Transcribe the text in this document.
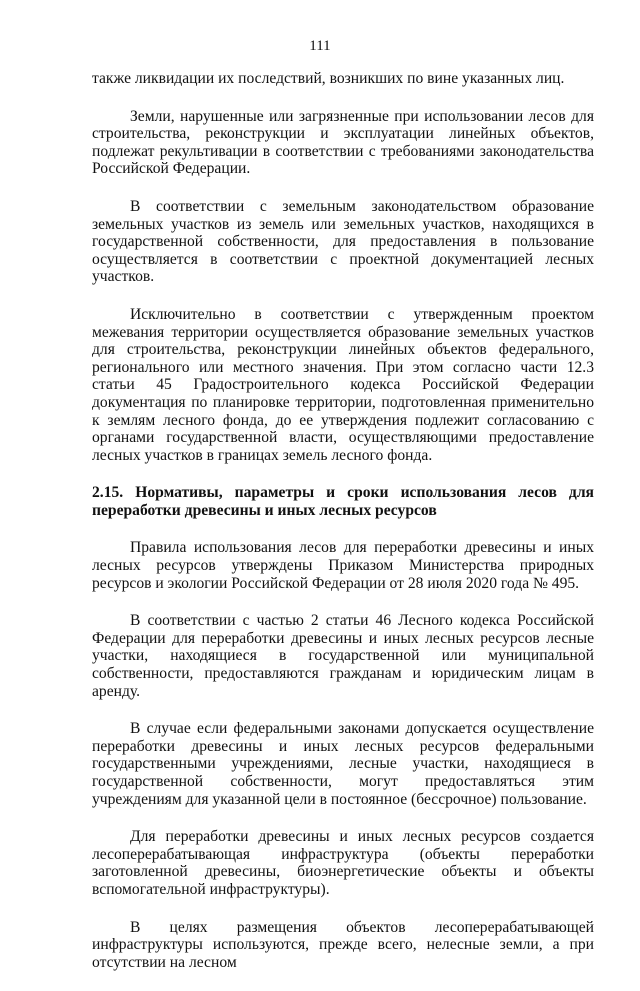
111

также ликвидации их последствий, возникших по вине указанных лиц.

Земли, нарушенные или загрязненные при использовании лесов для строительства, реконструкции и эксплуатации линейных объектов, подлежат рекультивации в соответствии с требованиями законодательства Российской Федерации.

В соответствии с земельным законодательством образование земельных участков из земель или земельных участков, находящихся в государственной собственности, для предоставления в пользование осуществляется в соответствии с проектной документацией лесных участков.

Исключительно в соответствии с утвержденным проектом межевания территории осуществляется образование земельных участков для строительства, реконструкции линейных объектов федерального, регионального или местного значения. При этом согласно части 12.3 статьи 45 Градостроительного кодекса Российской Федерации документация по планировке территории, подготовленная применительно к землям лесного фонда, до ее утверждения подлежит согласованию с органами государственной власти, осуществляющими предоставление лесных участков в границах земель лесного фонда.

2.15. Нормативы, параметры и сроки использования лесов для переработки древесины и иных лесных ресурсов

Правила использования лесов для переработки древесины и иных лесных ресурсов утверждены Приказом Министерства природных ресурсов и экологии Российской Федерации от 28 июля 2020 года № 495.

В соответствии с частью 2 статьи 46 Лесного кодекса Российской Федерации для переработки древесины и иных лесных ресурсов лесные участки, находящиеся в государственной или муниципальной собственности, предоставляются гражданам и юридическим лицам в аренду.

В случае если федеральными законами допускается осуществление переработки древесины и иных лесных ресурсов федеральными государственными учреждениями, лесные участки, находящиеся в государственной собственности, могут предоставляться этим учреждениям для указанной цели в постоянное (бессрочное) пользование.

Для переработки древесины и иных лесных ресурсов создается лесоперерабатывающая инфраструктура (объекты переработки заготовленной древесины, биоэнергетические объекты и объекты вспомогательной инфраструктуры).

В целях размещения объектов лесоперерабатывающей инфраструктуры используются, прежде всего, нелесные земли, а при отсутствии на лесном
